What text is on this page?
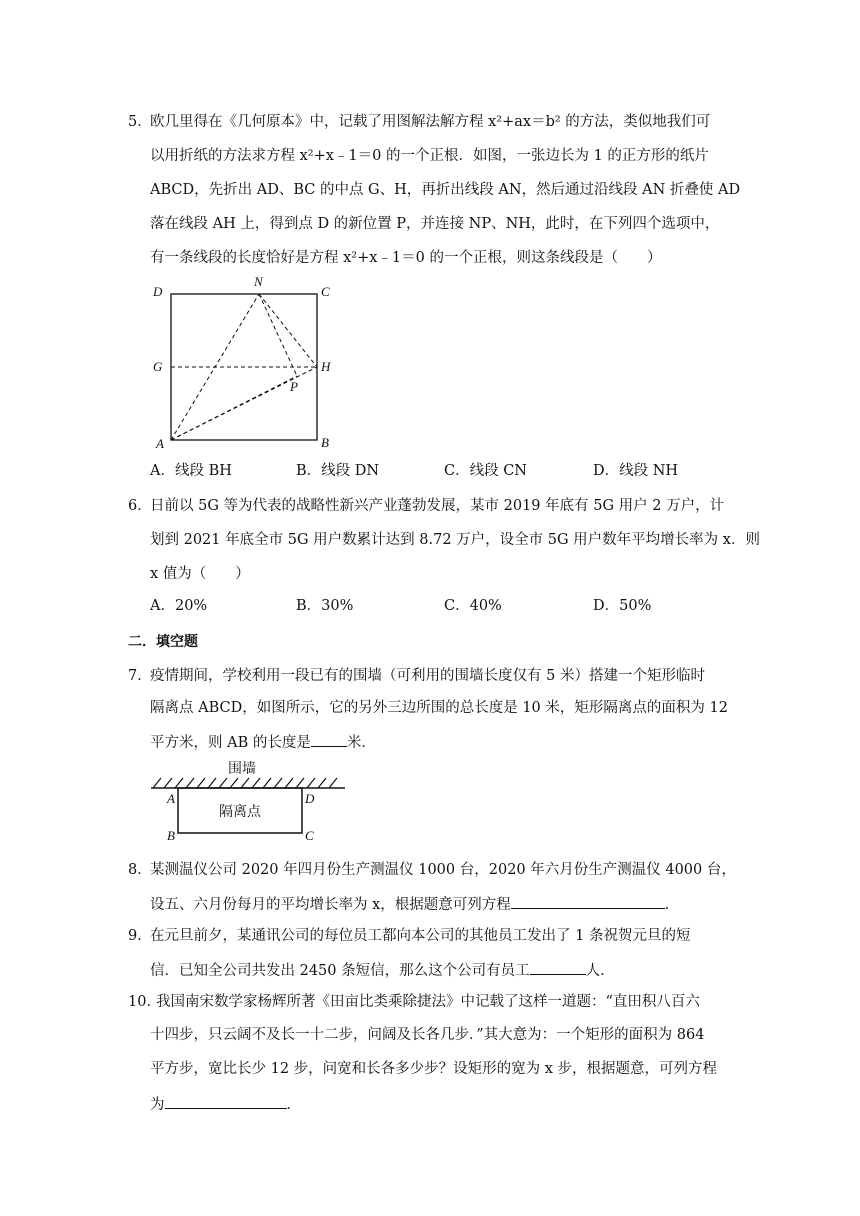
5．
欧几里得在《几何原本》中，记载了用图解法解方程 x²+ax＝b² 的方法，类似地我们可
以用折纸的方法求方程 x²+x﹣1＝0 的一个正根．如图，一张边长为 1 的正方形的纸片
ABCD，先折出 AD、BC 的中点 G、H，再折出线段 AN，然后通过沿线段 AN 折叠使 AD
落在线段 AH 上，得到点 D 的新位置 P，并连接 NP、NH，此时，在下列四个选项中，
有一条线段的长度恰好是方程 x²+x﹣1＝0 的一个正根，则这条线段是（　　）
D
N
C
G	H
P
A	B
A．线段 BH	B．线段 DN	C．线段 CN	D．线段 NH
6．
日前以 5G 等为代表的战略性新兴产业蓬勃发展，某市 2019 年底有 5G 用户 2 万户，计
划到 2021 年底全市 5G 用户数累计达到 8.72 万户，设全市 5G 用户数年平均增长率为 x．则
x 值为（　　）
A．20%	B．30%	C．40%	D．50%
二．填空题
7．
疫情期间，学校利用一段已有的围墙（可利用的围墙长度仅有 5 米）搭建一个矩形临时
隔离点 ABCD，如图所示，它的另外三边所围的总长度是 10 米，矩形隔离点的面积为 12
平方米，则 AB 的长度是 米．
围墙
隔离点
A	D
B	C
8．
某测温仪公司 2020 年四月份生产测温仪 1000 台，2020 年六月份生产测温仪 4000 台，
设五、六月份每月的平均增长率为 x，根据题意可列方程	．
9．
在元旦前夕，某通讯公司的每位员工都向本公司的其他员工发出了 1 条祝贺元旦的短
信．已知全公司共发出 2450 条短信，那么这个公司有员工	人．
10．
我国南宋数学家杨辉所著《田亩比类乘除捷法》中记载了这样一道题：“直田积八百六
十四步，只云阔不及长一十二步，问阔及长各几步．”其大意为：一个矩形的面积为 864
平方步，宽比长少 12 步，问宽和长各多少步？设矩形的宽为 x 步，根据题意，可列方程
为	．
